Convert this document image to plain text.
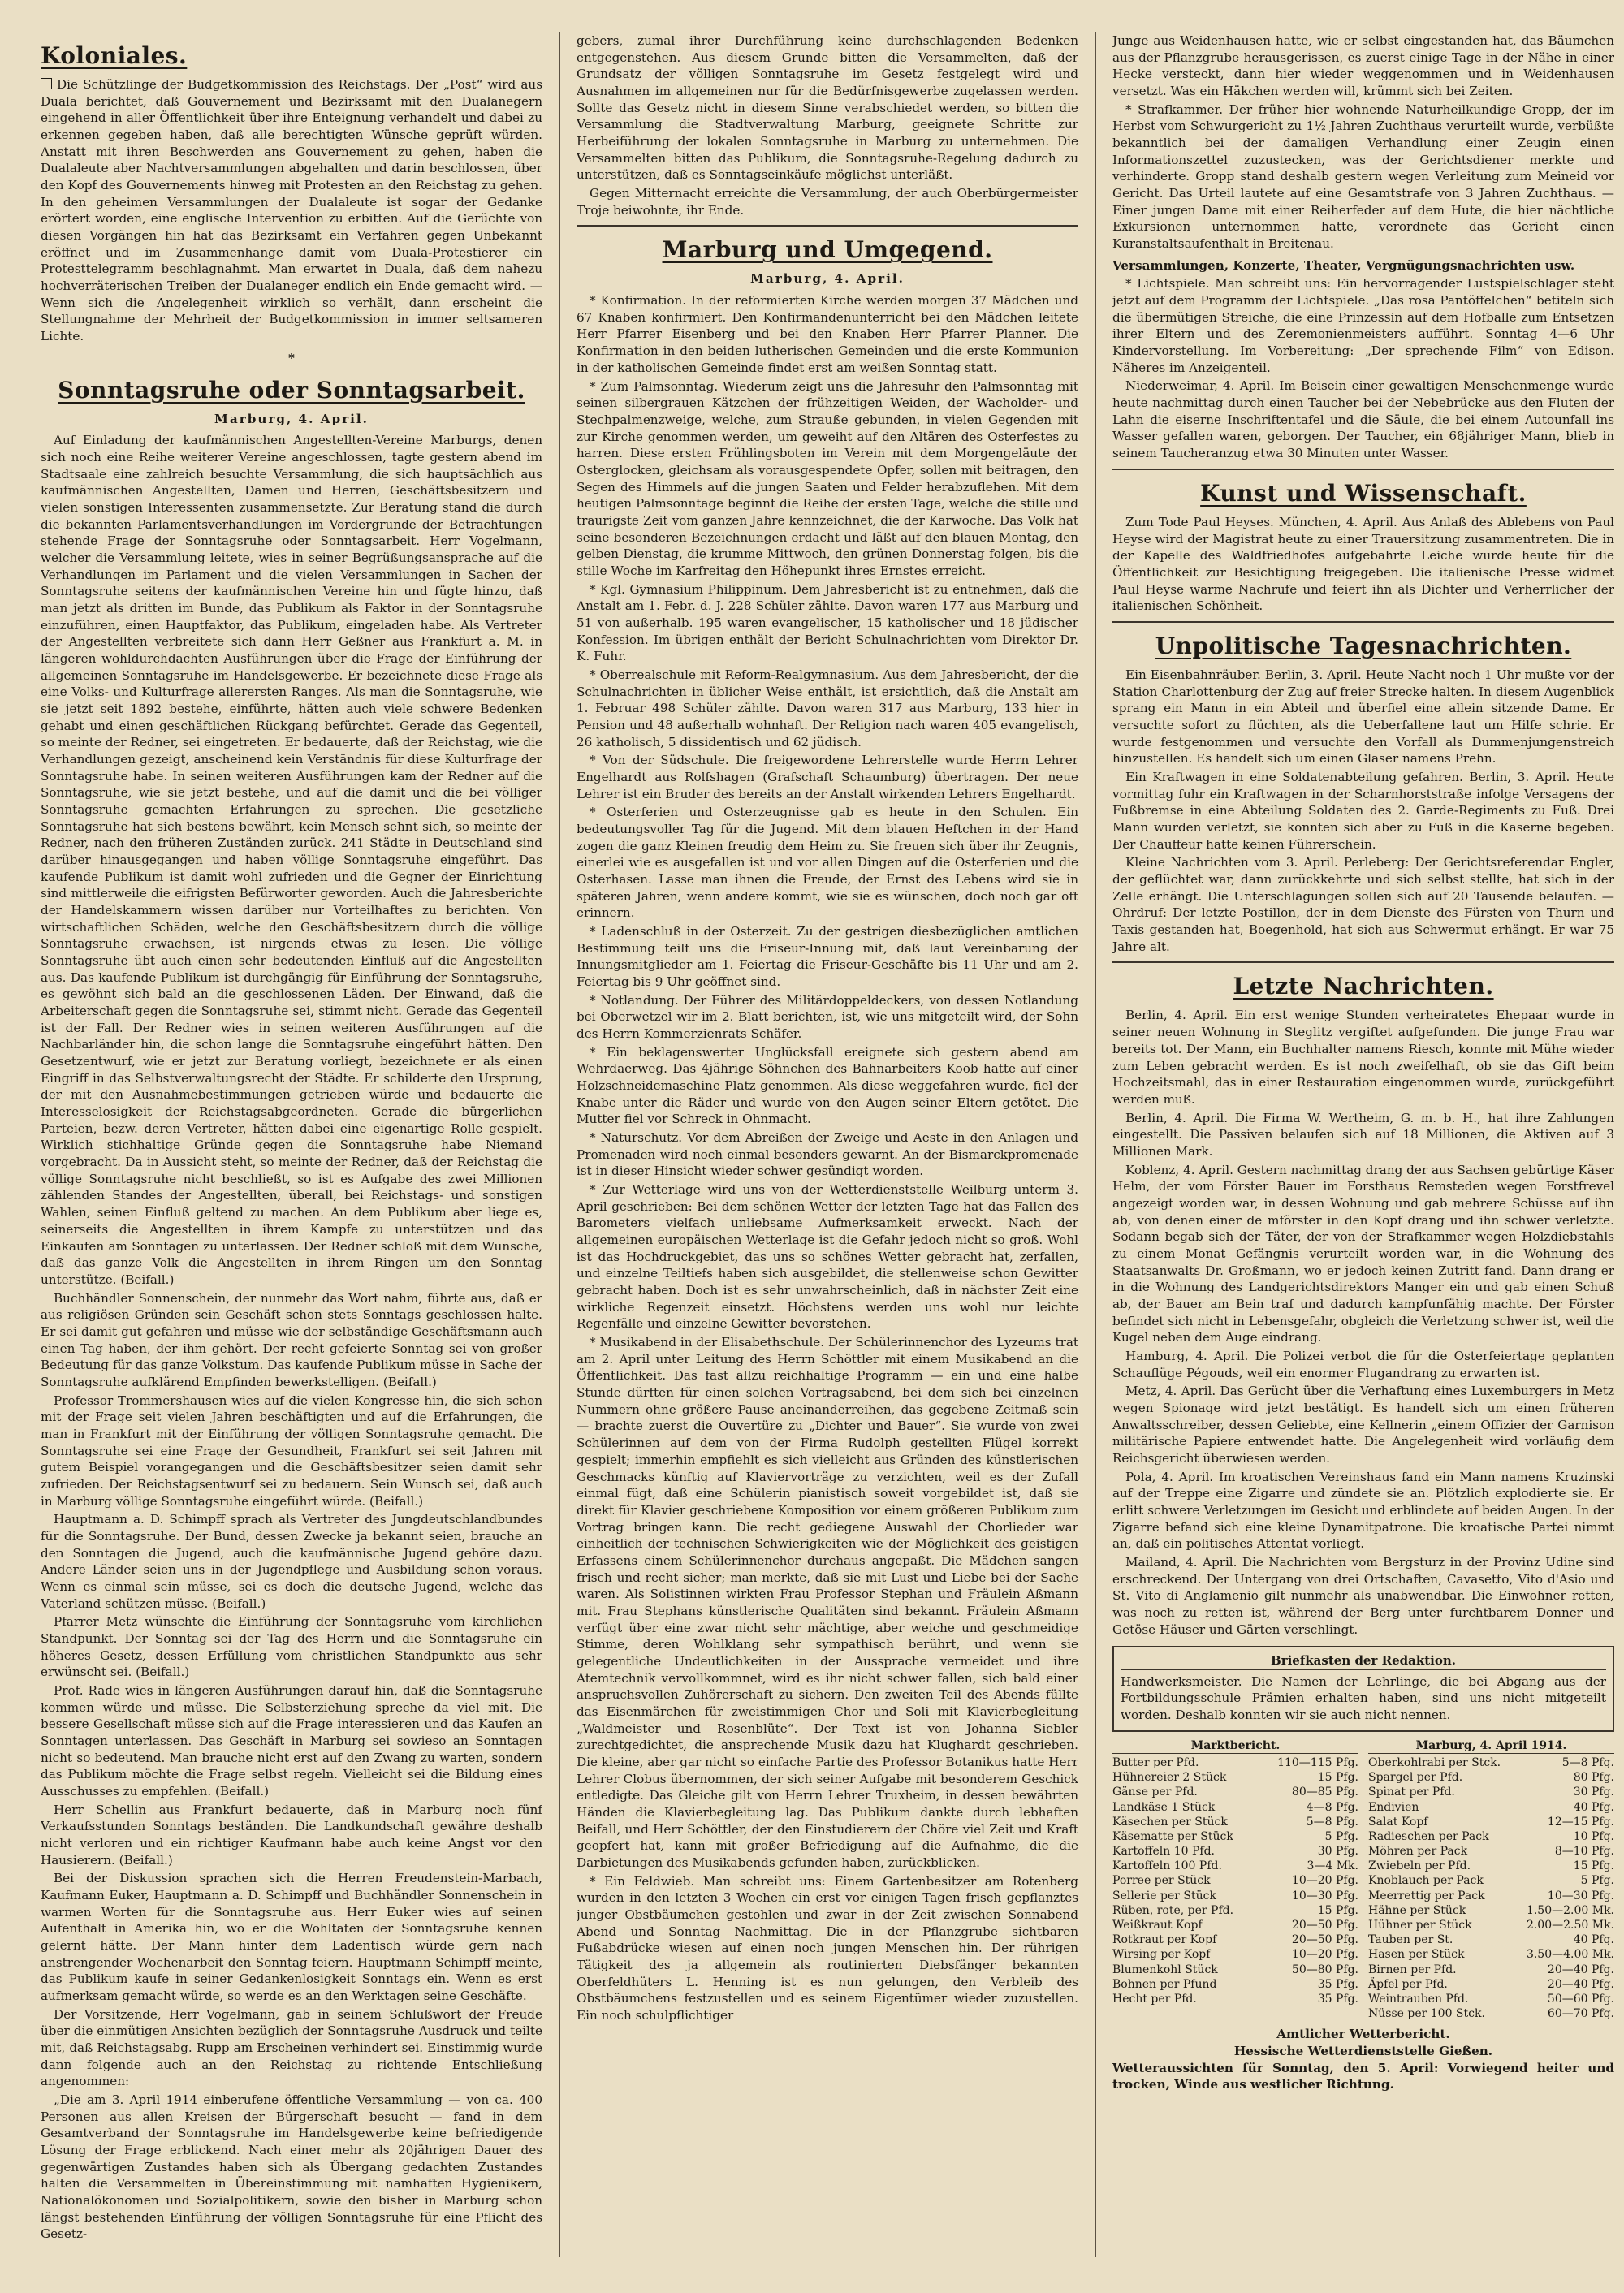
Koloniales.

Die Schützlinge der Budgetkommission des Reichstags. Der „Post“ wird aus Duala berichtet, daß Gouvernement und Bezirksamt mit den Dualanegern eingehend in aller Öffentlichkeit über ihre Enteignung verhandelt und dabei zu erkennen gegeben haben, daß alle berechtigten Wünsche geprüft würden. Anstatt mit ihren Beschwerden ans Gouvernement zu gehen, haben die Dualaleute aber Nachtversammlungen abgehalten und darin beschlossen, über den Kopf des Gouvernements hinweg mit Protesten an den Reichstag zu gehen. In den geheimen Versammlungen der Dualaleute ist sogar der Gedanke erörtert worden, eine englische Intervention zu erbitten. Auf die Gerüchte von diesen Vorgängen hin hat das Bezirksamt ein Verfahren gegen Unbekannt eröffnet und im Zusammenhange damit vom Duala-Protestierer ein Protesttelegramm beschlagnahmt. Man erwartet in Duala, daß dem nahezu hochverräterischen Treiben der Dualaneger endlich ein Ende gemacht wird. — Wenn sich die Angelegenheit wirklich so verhält, dann erscheint die Stellungnahme der Mehrheit der Budgetkommission in immer seltsameren Lichte.

*
Sonntagsruhe oder Sonntagsarbeit.
Marburg, 4. April.

Auf Einladung der kaufmännischen Angestellten-Vereine Marburgs, denen sich noch eine Reihe weiterer Vereine angeschlossen, tagte gestern abend im Stadtsaale eine zahlreich besuchte Versammlung, die sich hauptsächlich aus kaufmännischen Angestellten, Damen und Herren, Geschäftsbesitzern und vielen sonstigen Interessenten zusammensetzte. Zur Beratung stand die durch die bekannten Parlamentsverhandlungen im Vordergrunde der Betrachtungen stehende Frage der Sonntagsruhe oder Sonntagsarbeit. Herr Vogelmann, welcher die Versammlung leitete, wies in seiner Begrüßungsansprache auf die Verhandlungen im Parlament und die vielen Versammlungen in Sachen der Sonntagsruhe seitens der kaufmännischen Vereine hin und fügte hinzu, daß man jetzt als dritten im Bunde, das Publikum als Faktor in der Sonntagsruhe einzuführen, einen Hauptfaktor, das Publikum, eingeladen habe. Als Vertreter der Angestellten verbreitete sich dann Herr Geßner aus Frankfurt a. M. in längeren wohldurchdachten Ausführungen über die Frage der Einführung der allgemeinen Sonntagsruhe im Handelsgewerbe. Er bezeichnete diese Frage als eine Volks- und Kulturfrage allerersten Ranges. Als man die Sonntagsruhe, wie sie jetzt seit 1892 bestehe, einführte, hätten auch viele schwere Bedenken gehabt und einen geschäftlichen Rückgang befürchtet. Gerade das Gegenteil, so meinte der Redner, sei eingetreten. Er bedauerte, daß der Reichstag, wie die Verhandlungen gezeigt, anscheinend kein Verständnis für diese Kulturfrage der Sonntagsruhe habe. In seinen weiteren Ausführungen kam der Redner auf die Sonntagsruhe, wie sie jetzt bestehe, und auf die damit und die bei völliger Sonntagsruhe gemachten Erfahrungen zu sprechen. Die gesetzliche Sonntagsruhe hat sich bestens bewährt, kein Mensch sehnt sich, so meinte der Redner, nach den früheren Zuständen zurück. 241 Städte in Deutschland sind darüber hinausgegangen und haben völlige Sonntagsruhe eingeführt. Das kaufende Publikum ist damit wohl zufrieden und die Gegner der Einrichtung sind mittlerweile die eifrigsten Befürworter geworden. Auch die Jahresberichte der Handelskammern wissen darüber nur Vorteilhaftes zu berichten. Von wirtschaftlichen Schäden, welche den Geschäftsbesitzern durch die völlige Sonntagsruhe erwachsen, ist nirgends etwas zu lesen. Die völlige Sonntagsruhe übt auch einen sehr bedeutenden Einfluß auf die Angestellten aus. Das kaufende Publikum ist durchgängig für Einführung der Sonntagsruhe, es gewöhnt sich bald an die geschlossenen Läden. Der Einwand, daß die Arbeiterschaft gegen die Sonntagsruhe sei, stimmt nicht. Gerade das Gegenteil ist der Fall. Der Redner wies in seinen weiteren Ausführungen auf die Nachbarländer hin, die schon lange die Sonntagsruhe eingeführt hätten. Den Gesetzentwurf, wie er jetzt zur Beratung vorliegt, bezeichnete er als einen Eingriff in das Selbstverwaltungsrecht der Städte. Er schilderte den Ursprung, der mit den Ausnahmebestimmungen getrieben würde und bedauerte die Interesselosigkeit der Reichstagsabgeordneten. Gerade die bürgerlichen Parteien, bezw. deren Vertreter, hätten dabei eine eigenartige Rolle gespielt. Wirklich stichhaltige Gründe gegen die Sonntagsruhe habe Niemand vorgebracht. Da in Aussicht steht, so meinte der Redner, daß der Reichstag die völlige Sonntagsruhe nicht beschließt, so ist es Aufgabe des zwei Millionen zählenden Standes der Angestellten, überall, bei Reichstags- und sonstigen Wahlen, seinen Einfluß geltend zu machen. An dem Publikum aber liege es, seinerseits die Angestellten in ihrem Kampfe zu unterstützen und das Einkaufen am Sonntagen zu unterlassen. Der Redner schloß mit dem Wunsche, daß das ganze Volk die Angestellten in ihrem Ringen um den Sonntag unterstütze. (Beifall.)

Buchhändler Sonnenschein, der nunmehr das Wort nahm, führte aus, daß er aus religiösen Gründen sein Geschäft schon stets Sonntags geschlossen halte. Er sei damit gut gefahren und müsse wie der selbständige Geschäftsmann auch einen Tag haben, der ihm gehört. Der recht gefeierte Sonntag sei von großer Bedeutung für das ganze Volkstum. Das kaufende Publikum müsse in Sache der Sonntagsruhe aufklärend Empfinden bewerkstelligen. (Beifall.)

Professor Trommershausen wies auf die vielen Kongresse hin, die sich schon mit der Frage seit vielen Jahren beschäftigten und auf die Erfahrungen, die man in Frankfurt mit der Einführung der völligen Sonntagsruhe gemacht. Die Sonntagsruhe sei eine Frage der Gesundheit, Frankfurt sei seit Jahren mit gutem Beispiel vorangegangen und die Geschäftsbesitzer seien damit sehr zufrieden. Der Reichstagsentwurf sei zu bedauern. Sein Wunsch sei, daß auch in Marburg völlige Sonntagsruhe eingeführt würde. (Beifall.)

Hauptmann a. D. Schimpff sprach als Vertreter des Jungdeutschlandbundes für die Sonntagsruhe. Der Bund, dessen Zwecke ja bekannt seien, brauche an den Sonntagen die Jugend, auch die kaufmännische Jugend gehöre dazu. Andere Länder seien uns in der Jugendpflege und Ausbildung schon voraus. Wenn es einmal sein müsse, sei es doch die deutsche Jugend, welche das Vaterland schützen müsse. (Beifall.)

Pfarrer Metz wünschte die Einführung der Sonntagsruhe vom kirchlichen Standpunkt. Der Sonntag sei der Tag des Herrn und die Sonntagsruhe ein höheres Gesetz, dessen Erfüllung vom christlichen Standpunkte aus sehr erwünscht sei. (Beifall.)

Prof. Rade wies in längeren Ausführungen darauf hin, daß die Sonntagsruhe kommen würde und müsse. Die Selbsterziehung spreche da viel mit. Die bessere Gesellschaft müsse sich auf die Frage interessieren und das Kaufen an Sonntagen unterlassen. Das Geschäft in Marburg sei sowieso an Sonntagen nicht so bedeutend. Man brauche nicht erst auf den Zwang zu warten, sondern das Publikum möchte die Frage selbst regeln. Vielleicht sei die Bildung eines Ausschusses zu empfehlen. (Beifall.)

Herr Schellin aus Frankfurt bedauerte, daß in Marburg noch fünf Verkaufsstunden Sonntags beständen. Die Landkundschaft gewähre deshalb nicht verloren und ein richtiger Kaufmann habe auch keine Angst vor den Hausierern. (Beifall.)

Bei der Diskussion sprachen sich die Herren Freudenstein-Marbach, Kaufmann Euker, Hauptmann a. D. Schimpff und Buchhändler Sonnenschein in warmen Worten für die Sonntagsruhe aus. Herr Euker wies auf seinen Aufenthalt in Amerika hin, wo er die Wohltaten der Sonntagsruhe kennen gelernt hätte. Der Mann hinter dem Ladentisch würde gern nach anstrengender Wochenarbeit den Sonntag feiern. Hauptmann Schimpff meinte, das Publikum kaufe in seiner Gedankenlosigkeit Sonntags ein. Wenn es erst aufmerksam gemacht würde, so werde es an den Werktagen seine Geschäfte.

Der Vorsitzende, Herr Vogelmann, gab in seinem Schlußwort der Freude über die einmütigen Ansichten bezüglich der Sonntagsruhe Ausdruck und teilte mit, daß Reichstagsabg. Rupp am Erscheinen verhindert sei. Einstimmig wurde dann folgende auch an den Reichstag zu richtende Entschließung angenommen:

„Die am 3. April 1914 einberufene öffentliche Versammlung — von ca. 400 Personen aus allen Kreisen der Bürgerschaft besucht — fand in dem Gesamtverband der Sonntagsruhe im Handelsgewerbe keine befriedigende Lösung der Frage erblickend. Nach einer mehr als 20jährigen Dauer des gegenwärtigen Zustandes haben sich als Übergang gedachten Zustandes halten die Versammelten in Übereinstimmung mit namhaften Hygienikern, Nationalökonomen und Sozialpolitikern, sowie den bisher in Marburg schon längst bestehenden Einführung der völligen Sonntagsruhe für eine Pflicht des Gesetz-

gebers, zumal ihrer Durchführung keine durchschlagenden Bedenken entgegenstehen. Aus diesem Grunde bitten die Versammelten, daß der Grundsatz der völligen Sonntagsruhe im Gesetz festgelegt wird und Ausnahmen im allgemeinen nur für die Bedürfnisgewerbe zugelassen werden. Sollte das Gesetz nicht in diesem Sinne verabschiedet werden, so bitten die Versammlung die Stadtverwaltung Marburg, geeignete Schritte zur Herbeiführung der lokalen Sonntagsruhe in Marburg zu unternehmen. Die Versammelten bitten das Publikum, die Sonntagsruhe-Regelung dadurch zu unterstützen, daß es Sonntagseinkäufe möglichst unterläßt.

Gegen Mitternacht erreichte die Versammlung, der auch Oberbürgermeister Troje beiwohnte, ihr Ende.

Marburg und Umgegend.
Marburg, 4. April.

* Konfirmation. In der reformierten Kirche werden morgen 37 Mädchen und 67 Knaben konfirmiert. Den Konfirmandenunterricht bei den Mädchen leitete Herr Pfarrer Eisenberg und bei den Knaben Herr Pfarrer Planner. Die Konfirmation in den beiden lutherischen Gemeinden und die erste Kommunion in der katholischen Gemeinde findet erst am weißen Sonntag statt.

* Zum Palmsonntag. Wiederum zeigt uns die Jahresuhr den Palmsonntag mit seinen silbergrauen Kätzchen der frühzeitigen Weiden, der Wacholder- und Stechpalmenzweige, welche, zum Strauße gebunden, in vielen Gegenden mit zur Kirche genommen werden, um geweiht auf den Altären des Osterfestes zu harren. Diese ersten Frühlingsboten im Verein mit dem Morgengeläute der Osterglocken, gleichsam als vorausgespendete Opfer, sollen mit beitragen, den Segen des Himmels auf die jungen Saaten und Felder herabzuflehen. Mit dem heutigen Palmsonntage beginnt die Reihe der ersten Tage, welche die stille und traurigste Zeit vom ganzen Jahre kennzeichnet, die der Karwoche. Das Volk hat seine besonderen Bezeichnungen erdacht und läßt auf den blauen Montag, den gelben Dienstag, die krumme Mittwoch, den grünen Donnerstag folgen, bis die stille Woche im Karfreitag den Höhepunkt ihres Ernstes erreicht.

* Kgl. Gymnasium Philippinum. Dem Jahresbericht ist zu entnehmen, daß die Anstalt am 1. Febr. d. J. 228 Schüler zählte. Davon waren 177 aus Marburg und 51 von außerhalb. 195 waren evangelischer, 15 katholischer und 18 jüdischer Konfession. Im übrigen enthält der Bericht Schulnachrichten vom Direktor Dr. K. Fuhr.

* Oberrealschule mit Reform-Realgymnasium. Aus dem Jahresbericht, der die Schulnachrichten in üblicher Weise enthält, ist ersichtlich, daß die Anstalt am 1. Februar 498 Schüler zählte. Davon waren 317 aus Marburg, 133 hier in Pension und 48 außerhalb wohnhaft. Der Religion nach waren 405 evangelisch, 26 katholisch, 5 dissidentisch und 62 jüdisch.

* Von der Südschule. Die freigewordene Lehrerstelle wurde Herrn Lehrer Engelhardt aus Rolfshagen (Grafschaft Schaumburg) übertragen. Der neue Lehrer ist ein Bruder des bereits an der Anstalt wirkenden Lehrers Engelhardt.

* Osterferien und Osterzeugnisse gab es heute in den Schulen. Ein bedeutungsvoller Tag für die Jugend. Mit dem blauen Heftchen in der Hand zogen die ganz Kleinen freudig dem Heim zu. Sie freuen sich über ihr Zeugnis, einerlei wie es ausgefallen ist und vor allen Dingen auf die Osterferien und die Osterhasen. Lasse man ihnen die Freude, der Ernst des Lebens wird sie in späteren Jahren, wenn andere kommt, wie sie es wünschen, doch noch gar oft erinnern.

* Ladenschluß in der Osterzeit. Zu der gestrigen diesbezüglichen amtlichen Bestimmung teilt uns die Friseur-Innung mit, daß laut Vereinbarung der Innungsmitglieder am 1. Feiertag die Friseur-Geschäfte bis 11 Uhr und am 2. Feiertag bis 9 Uhr geöffnet sind.

* Notlandung. Der Führer des Militärdoppeldeckers, von dessen Notlandung bei Oberwetzel wir im 2. Blatt berichten, ist, wie uns mitgeteilt wird, der Sohn des Herrn Kommerzienrats Schäfer.

* Ein beklagenswerter Unglücksfall ereignete sich gestern abend am Wehrdaerweg. Das 4jährige Söhnchen des Bahnarbeiters Koob hatte auf einer Holzschneidemaschine Platz genommen. Als diese weggefahren wurde, fiel der Knabe unter die Räder und wurde von den Augen seiner Eltern getötet. Die Mutter fiel vor Schreck in Ohnmacht.

* Naturschutz. Vor dem Abreißen der Zweige und Aeste in den Anlagen und Promenaden wird noch einmal besonders gewarnt. An der Bismarckpromenade ist in dieser Hinsicht wieder schwer gesündigt worden.

* Zur Wetterlage wird uns von der Wetterdienststelle Weilburg unterm 3. April geschrieben: Bei dem schönen Wetter der letzten Tage hat das Fallen des Barometers vielfach unliebsame Aufmerksamkeit erweckt. Nach der allgemeinen europäischen Wetterlage ist die Gefahr jedoch nicht so groß. Wohl ist das Hochdruckgebiet, das uns so schönes Wetter gebracht hat, zerfallen, und einzelne Teiltiefs haben sich ausgebildet, die stellenweise schon Gewitter gebracht haben. Doch ist es sehr unwahrscheinlich, daß in nächster Zeit eine wirkliche Regenzeit einsetzt. Höchstens werden uns wohl nur leichte Regenfälle und einzelne Gewitter bevorstehen.

* Musikabend in der Elisabethschule. Der Schülerinnenchor des Lyzeums trat am 2. April unter Leitung des Herrn Schöttler mit einem Musikabend an die Öffentlichkeit. Das fast allzu reichhaltige Programm — ein und eine halbe Stunde dürften für einen solchen Vortragsabend, bei dem sich bei einzelnen Nummern ohne größere Pause aneinanderreihen, das gegebene Zeitmaß sein — brachte zuerst die Ouvertüre zu „Dichter und Bauer“. Sie wurde von zwei Schülerinnen auf dem von der Firma Rudolph gestellten Flügel korrekt gespielt; immerhin empfiehlt es sich vielleicht aus Gründen des künstlerischen Geschmacks künftig auf Klaviervorträge zu verzichten, weil es der Zufall einmal fügt, daß eine Schülerin pianistisch soweit vorgebildet ist, daß sie direkt für Klavier geschriebene Komposition vor einem größeren Publikum zum Vortrag bringen kann. Die recht gediegene Auswahl der Chorlieder war einheitlich der technischen Schwierigkeiten wie der Möglichkeit des geistigen Erfassens einem Schülerinnenchor durchaus angepaßt. Die Mädchen sangen frisch und recht sicher; man merkte, daß sie mit Lust und Liebe bei der Sache waren. Als Solistinnen wirkten Frau Professor Stephan und Fräulein Aßmann mit. Frau Stephans künstlerische Qualitäten sind bekannt. Fräulein Aßmann verfügt über eine zwar nicht sehr mächtige, aber weiche und geschmeidige Stimme, deren Wohlklang sehr sympathisch berührt, und wenn sie gelegentliche Undeutlichkeiten in der Aussprache vermeidet und ihre Atemtechnik vervollkommnet, wird es ihr nicht schwer fallen, sich bald einer anspruchsvollen Zuhörerschaft zu sichern. Den zweiten Teil des Abends füllte das Eisenmärchen für zweistimmigen Chor und Soli mit Klavierbegleitung „Waldmeister und Rosenblüte“. Der Text ist von Johanna Siebler zurechtgedichtet, die ansprechende Musik dazu hat Klughardt geschrieben. Die kleine, aber gar nicht so einfache Partie des Professor Botanikus hatte Herr Lehrer Clobus übernommen, der sich seiner Aufgabe mit besonderem Geschick entledigte. Das Gleiche gilt von Herrn Lehrer Truxheim, in dessen bewährten Händen die Klavierbegleitung lag. Das Publikum dankte durch lebhaften Beifall, und Herr Schöttler, der den Einstudierern der Chöre viel Zeit und Kraft geopfert hat, kann mit großer Befriedigung auf die Aufnahme, die die Darbietungen des Musikabends gefunden haben, zurückblicken.

* Ein Feldwieb. Man schreibt uns: Einem Gartenbesitzer am Rotenberg wurden in den letzten 3 Wochen ein erst vor einigen Tagen frisch gepflanztes junger Obstbäumchen gestohlen und zwar in der Zeit zwischen Sonnabend Abend und Sonntag Nachmittag. Die in der Pflanzgrube sichtbaren Fußabdrücke wiesen auf einen noch jungen Menschen hin. Der rührigen Tätigkeit des ja allgemein als routinierten Diebsfänger bekannten Oberfeldhüters L. Henning ist es nun gelungen, den Verbleib des Obstbäumchens festzustellen und es seinem Eigentümer wieder zuzustellen. Ein noch schulpflichtiger

Junge aus Weidenhausen hatte, wie er selbst eingestanden hat, das Bäumchen aus der Pflanzgrube herausgerissen, es zuerst einige Tage in der Nähe in einer Hecke versteckt, dann hier wieder weggenommen und in Weidenhausen versetzt. Was ein Häkchen werden will, krümmt sich bei Zeiten.

* Strafkammer. Der früher hier wohnende Naturheilkundige Gropp, der im Herbst vom Schwurgericht zu 1½ Jahren Zuchthaus verurteilt wurde, verbüßte bekanntlich bei der damaligen Verhandlung einer Zeugin einen Informationszettel zuzustecken, was der Gerichtsdiener merkte und verhinderte. Gropp stand deshalb gestern wegen Verleitung zum Meineid vor Gericht. Das Urteil lautete auf eine Gesamtstrafe von 3 Jahren Zuchthaus. — Einer jungen Dame mit einer Reiherfeder auf dem Hute, die hier nächtliche Exkursionen unternommen hatte, verordnete das Gericht einen Kuranstaltsaufenthalt in Breitenau.

Versammlungen, Konzerte, Theater, Vergnügungsnachrichten usw.

* Lichtspiele. Man schreibt uns: Ein hervorragender Lustspielschlager steht jetzt auf dem Programm der Lichtspiele. „Das rosa Pantöffelchen“ betiteln sich die übermütigen Streiche, die eine Prinzessin auf dem Hofballe zum Entsetzen ihrer Eltern und des Zeremonienmeisters aufführt. Sonntag 4—6 Uhr Kindervorstellung. Im Vorbereitung: „Der sprechende Film“ von Edison. Näheres im Anzeigenteil.

Niederweimar, 4. April. Im Beisein einer gewaltigen Menschenmenge wurde heute nachmittag durch einen Taucher bei der Nebebrücke aus den Fluten der Lahn die eiserne Inschriftentafel und die Säule, die bei einem Autounfall ins Wasser gefallen waren, geborgen. Der Taucher, ein 68jähriger Mann, blieb in seinem Taucheranzug etwa 30 Minuten unter Wasser.

Kunst und Wissenschaft.

Zum Tode Paul Heyses. München, 4. April. Aus Anlaß des Ablebens von Paul Heyse wird der Magistrat heute zu einer Trauersitzung zusammentreten. Die in der Kapelle des Waldfriedhofes aufgebahrte Leiche wurde heute für die Öffentlichkeit zur Besichtigung freigegeben. Die italienische Presse widmet Paul Heyse warme Nachrufe und feiert ihn als Dichter und Verherrlicher der italienischen Schönheit.

Unpolitische Tagesnachrichten.

Ein Eisenbahnräuber. Berlin, 3. April. Heute Nacht noch 1 Uhr mußte vor der Station Charlottenburg der Zug auf freier Strecke halten. In diesem Augenblick sprang ein Mann in ein Abteil und überfiel eine allein sitzende Dame. Er versuchte sofort zu flüchten, als die Ueberfallene laut um Hilfe schrie. Er wurde festgenommen und versuchte den Vorfall als Dummenjungenstreich hinzustellen. Es handelt sich um einen Glaser namens Prehn.

Ein Kraftwagen in eine Soldatenabteilung gefahren. Berlin, 3. April. Heute vormittag fuhr ein Kraftwagen in der Scharnhorststraße infolge Versagens der Fußbremse in eine Abteilung Soldaten des 2. Garde-Regiments zu Fuß. Drei Mann wurden verletzt, sie konnten sich aber zu Fuß in die Kaserne begeben. Der Chauffeur hatte keinen Führerschein.

Kleine Nachrichten vom 3. April. Perleberg: Der Gerichtsreferendar Engler, der geflüchtet war, dann zurückkehrte und sich selbst stellte, hat sich in der Zelle erhängt. Die Unterschlagungen sollen sich auf 20 Tausende belaufen. — Ohrdruf: Der letzte Postillon, der in dem Dienste des Fürsten von Thurn und Taxis gestanden hat, Boegenhold, hat sich aus Schwermut erhängt. Er war 75 Jahre alt.

Letzte Nachrichten.

Berlin, 4. April. Ein erst wenige Stunden verheiratetes Ehepaar wurde in seiner neuen Wohnung in Steglitz vergiftet aufgefunden. Die junge Frau war bereits tot. Der Mann, ein Buchhalter namens Riesch, konnte mit Mühe wieder zum Leben gebracht werden. Es ist noch zweifelhaft, ob sie das Gift beim Hochzeitsmahl, das in einer Restauration eingenommen wurde, zurückgeführt werden muß.

Berlin, 4. April. Die Firma W. Wertheim, G. m. b. H., hat ihre Zahlungen eingestellt. Die Passiven belaufen sich auf 18 Millionen, die Aktiven auf 3 Millionen Mark.

Koblenz, 4. April. Gestern nachmittag drang der aus Sachsen gebürtige Käser Helm, der vom Förster Bauer im Forsthaus Remsteden wegen Forstfrevel angezeigt worden war, in dessen Wohnung und gab mehrere Schüsse auf ihn ab, von denen einer de mförster in den Kopf drang und ihn schwer verletzte. Sodann begab sich der Täter, der von der Strafkammer wegen Holzdiebstahls zu einem Monat Gefängnis verurteilt worden war, in die Wohnung des Staatsanwalts Dr. Großmann, wo er jedoch keinen Zutritt fand. Dann drang er in die Wohnung des Landgerichtsdirektors Manger ein und gab einen Schuß ab, der Bauer am Bein traf und dadurch kampfunfähig machte. Der Förster befindet sich nicht in Lebensgefahr, obgleich die Verletzung schwer ist, weil die Kugel neben dem Auge eindrang.

Hamburg, 4. April. Die Polizei verbot die für die Osterfeiertage geplanten Schauflüge Pégouds, weil ein enormer Flugandrang zu erwarten ist.

Metz, 4. April. Das Gerücht über die Verhaftung eines Luxemburgers in Metz wegen Spionage wird jetzt bestätigt. Es handelt sich um einen früheren Anwaltsschreiber, dessen Geliebte, eine Kellnerin „einem Offizier der Garnison militärische Papiere entwendet hatte. Die Angelegenheit wird vorläufig dem Reichsgericht überwiesen werden.

Pola, 4. April. Im kroatischen Vereinshaus fand ein Mann namens Kruzinski auf der Treppe eine Zigarre und zündete sie an. Plötzlich explodierte sie. Er erlitt schwere Verletzungen im Gesicht und erblindete auf beiden Augen. In der Zigarre befand sich eine kleine Dynamitpatrone. Die kroatische Partei nimmt an, daß ein politisches Attentat vorliegt.

Mailand, 4. April. Die Nachrichten vom Bergsturz in der Provinz Udine sind erschreckend. Der Untergang von drei Ortschaften, Cavasetto, Vito d'Asio und St. Vito di Anglamenio gilt nunmehr als unabwendbar. Die Einwohner retten, was noch zu retten ist, während der Berg unter furchtbarem Donner und Getöse Häuser und Gärten verschlingt.

Briefkasten der Redaktion.

Handwerksmeister. Die Namen der Lehrlinge, die bei Abgang aus der Fortbildungsschule Prämien erhalten haben, sind uns nicht mitgeteilt worden. Deshalb konnten wir sie auch nicht nennen.

Marktbericht.
Butter per Pfd.	110—115 Pfg.
Hühnereier 2 Stück	15 Pfg.
Gänse per Pfd.	80—85 Pfg.
Landkäse 1 Stück	4—8 Pfg.
Käsechen per Stück	5—8 Pfg.
Käsematte per Stück	5 Pfg.
Kartoffeln 10 Pfd.	30 Pfg.
Kartoffeln 100 Pfd.	3—4 Mk.
Porree per Stück	10—20 Pfg.
Sellerie per Stück	10—30 Pfg.
Rüben, rote, per Pfd.	15 Pfg.
Weißkraut Kopf	20—50 Pfg.
Rotkraut per Kopf	20—50 Pfg.
Wirsing per Kopf	10—20 Pfg.
Blumenkohl Stück	50—80 Pfg.
Bohnen per Pfund	35 Pfg.
Hecht per Pfd.	35 Pfg.
Marburg, 4. April 1914.
Oberkohlrabi per Stck.	5—8 Pfg.
Spargel per Pfd.	80 Pfg.
Spinat per Pfd.	30 Pfg.
Endivien	40 Pfg.
Salat Kopf	12—15 Pfg.
Radieschen per Pack	10 Pfg.
Möhren per Pack	8—10 Pfg.
Zwiebeln per Pfd.	15 Pfg.
Knoblauch per Pack	5 Pfg.
Meerrettig per Pack	10—30 Pfg.
Hähne per Stück	1.50—2.00 Mk.
Hühner per Stück	2.00—2.50 Mk.
Tauben per St.	40 Pfg.
Hasen per Stück	3.50—4.00 Mk.
Birnen per Pfd.	20—40 Pfg.
Äpfel per Pfd.	20—40 Pfg.
Weintrauben Pfd.	50—60 Pfg.
Nüsse per 100 Stck.	60—70 Pfg.
Amtlicher Wetterbericht.
Hessische Wetterdienststelle Gießen.

Wetteraussichten für Sonntag, den 5. April: Vorwiegend heiter und trocken, Winde aus westlicher Richtung.
